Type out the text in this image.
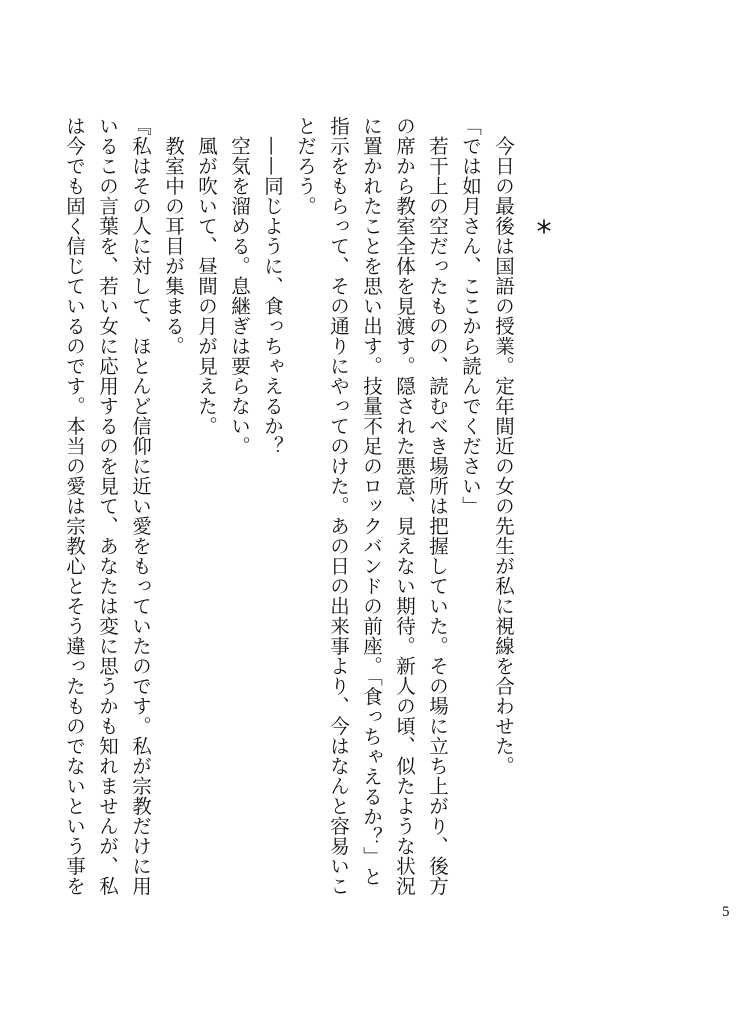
*
今日の最後は国語の授業。定年間近の女の先生が私に視線を合わせた。
「では如月さん、ここから読んでください」
若干上の空だったものの、読むべき場所は把握していた。その場に立ち上がり、後方
の席から教室全体を見渡す。隠された悪意、見えない期待。新人の頃、似たような状況
に置かれたことを思い出す。技量不足のロックバンドの前座。「食っちゃえるか？」と
指示をもらって、その通りにやってのけた。あの日の出来事より、今はなんと容易いこ
とだろう。
——同じように、食っちゃえるか？
空気を溜める。息継ぎは要らない。
風が吹いて、昼間の月が見えた。
教室中の耳目が集まる。
『私はその人に対して、ほとんど信仰に近い愛をもっていたのです。私が宗教だけに用
いるこの言葉を、若い女に応用するのを見て、あなたは変に思うかも知れませんが、私
は今でも固く信じているのです。本当の愛は宗教心とそう違ったものでないという事を
5
